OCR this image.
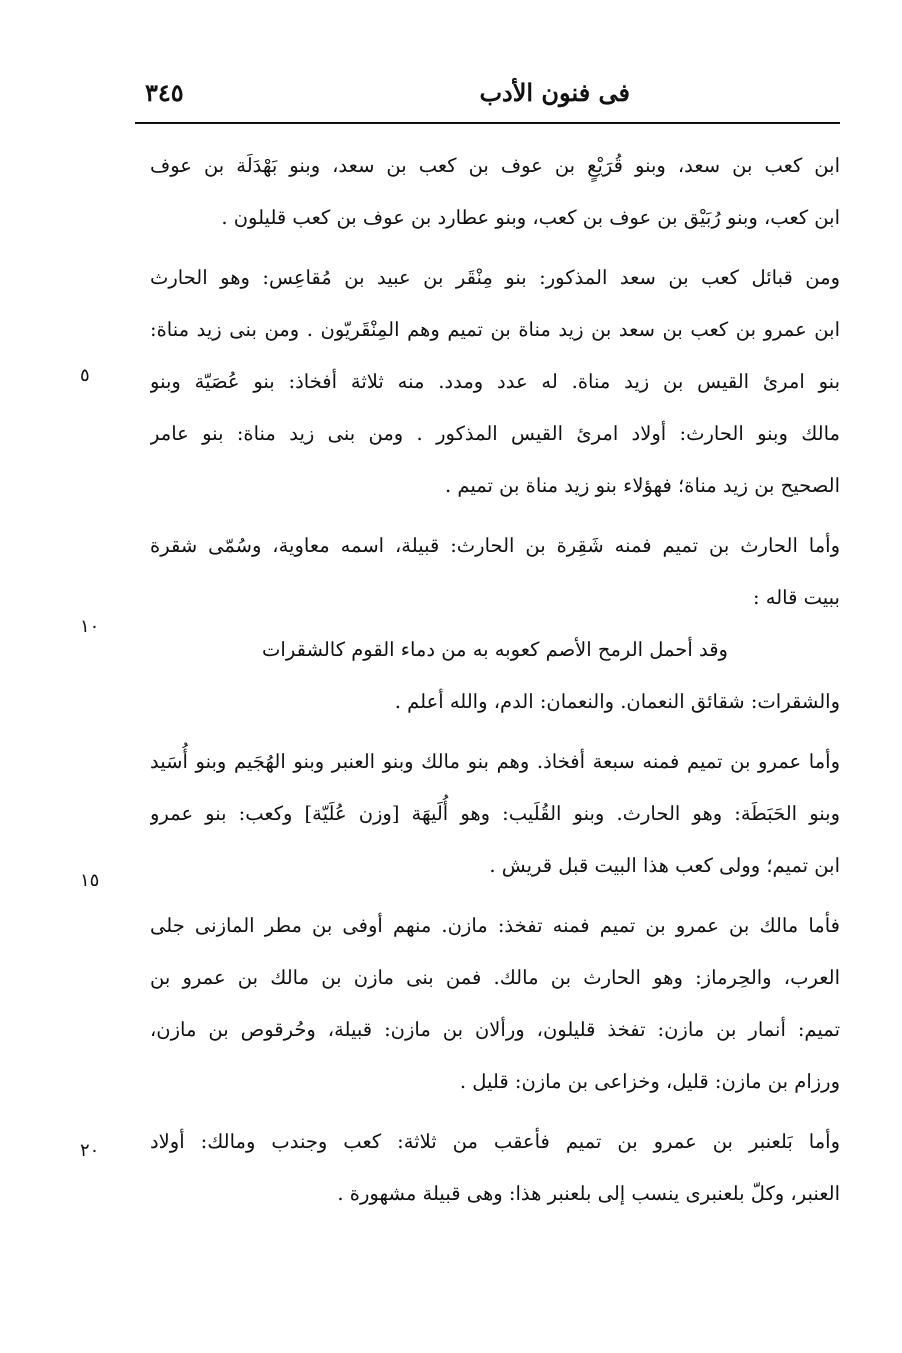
فى فنون الأدب
٣٤٥
٥
١٠
١٥
٢٠
ابن كعب بن سعد، وبنو قُرَيْعٍ بن عوف بن كعب بن سعد، وبنو بَهْدَلَة بن عوف
ابن كعب، وبنو رُبَيْق بن عوف بن كعب، وبنو عطارد بن عوف بن كعب قليلون .
ومن قبائل كعب بن سعد المذكور: بنو مِنْقَر بن عبيد بن مُقاعِس: وهو الحارث
ابن عمرو بن كعب بن سعد بن زيد مناة بن تميم وهم المِنْقَريّون . ومن بنى زيد مناة:
بنو امرئ القيس بن زيد مناة. له عدد ومدد. منه ثلاثة أفخاذ: بنو عُصَيّة وبنو
مالك وبنو الحارث: أولاد امرئ القيس المذكور . ومن بنى زيد مناة: بنو عامر
الصحيح بن زيد مناة؛ فهؤلاء بنو زيد مناة بن تميم .
وأما الحارث بن تميم فمنه شَقِرة بن الحارث: قبيلة، اسمه معاوية، وسُمّى شقرة
ببيت قاله :
وقد أحمل الرمح الأصم كعوبه به من دماء القوم كالشقرات
والشقرات: شقائق النعمان. والنعمان: الدم، والله أعلم .
وأما عمرو بن تميم فمنه سبعة أفخاذ. وهم بنو مالك وبنو العنبر وبنو الهُجَيم وبنو أُسَيد
وبنو الحَبَطَة: وهو الحارث. وبنو القُلَيب: وهو أُلَيهَة [وزن عُلَيّة] وكعب: بنو عمرو
ابن تميم؛ وولى كعب هذا البيت قبل قريش .
فأما مالك بن عمرو بن تميم فمنه تفخذ: مازن. منهم أوفى بن مطر المازنى جلى
العرب، والحِرماز: وهو الحارث بن مالك. فمن بنى مازن بن مالك بن عمرو بن
تميم: أنمار بن مازن: تفخذ قليلون، ورألان بن مازن: قبيلة، وحُرقوص بن مازن،
ورزام بن مازن: قليل، وخزاعى بن مازن: قليل .
وأما بَلعنبر بن عمرو بن تميم فأعقب من ثلاثة: كعب وجندب ومالك: أولاد
العنبر، وكلّ بلعنبرى ينسب إلى بلعنبر هذا: وهى قبيلة مشهورة .
